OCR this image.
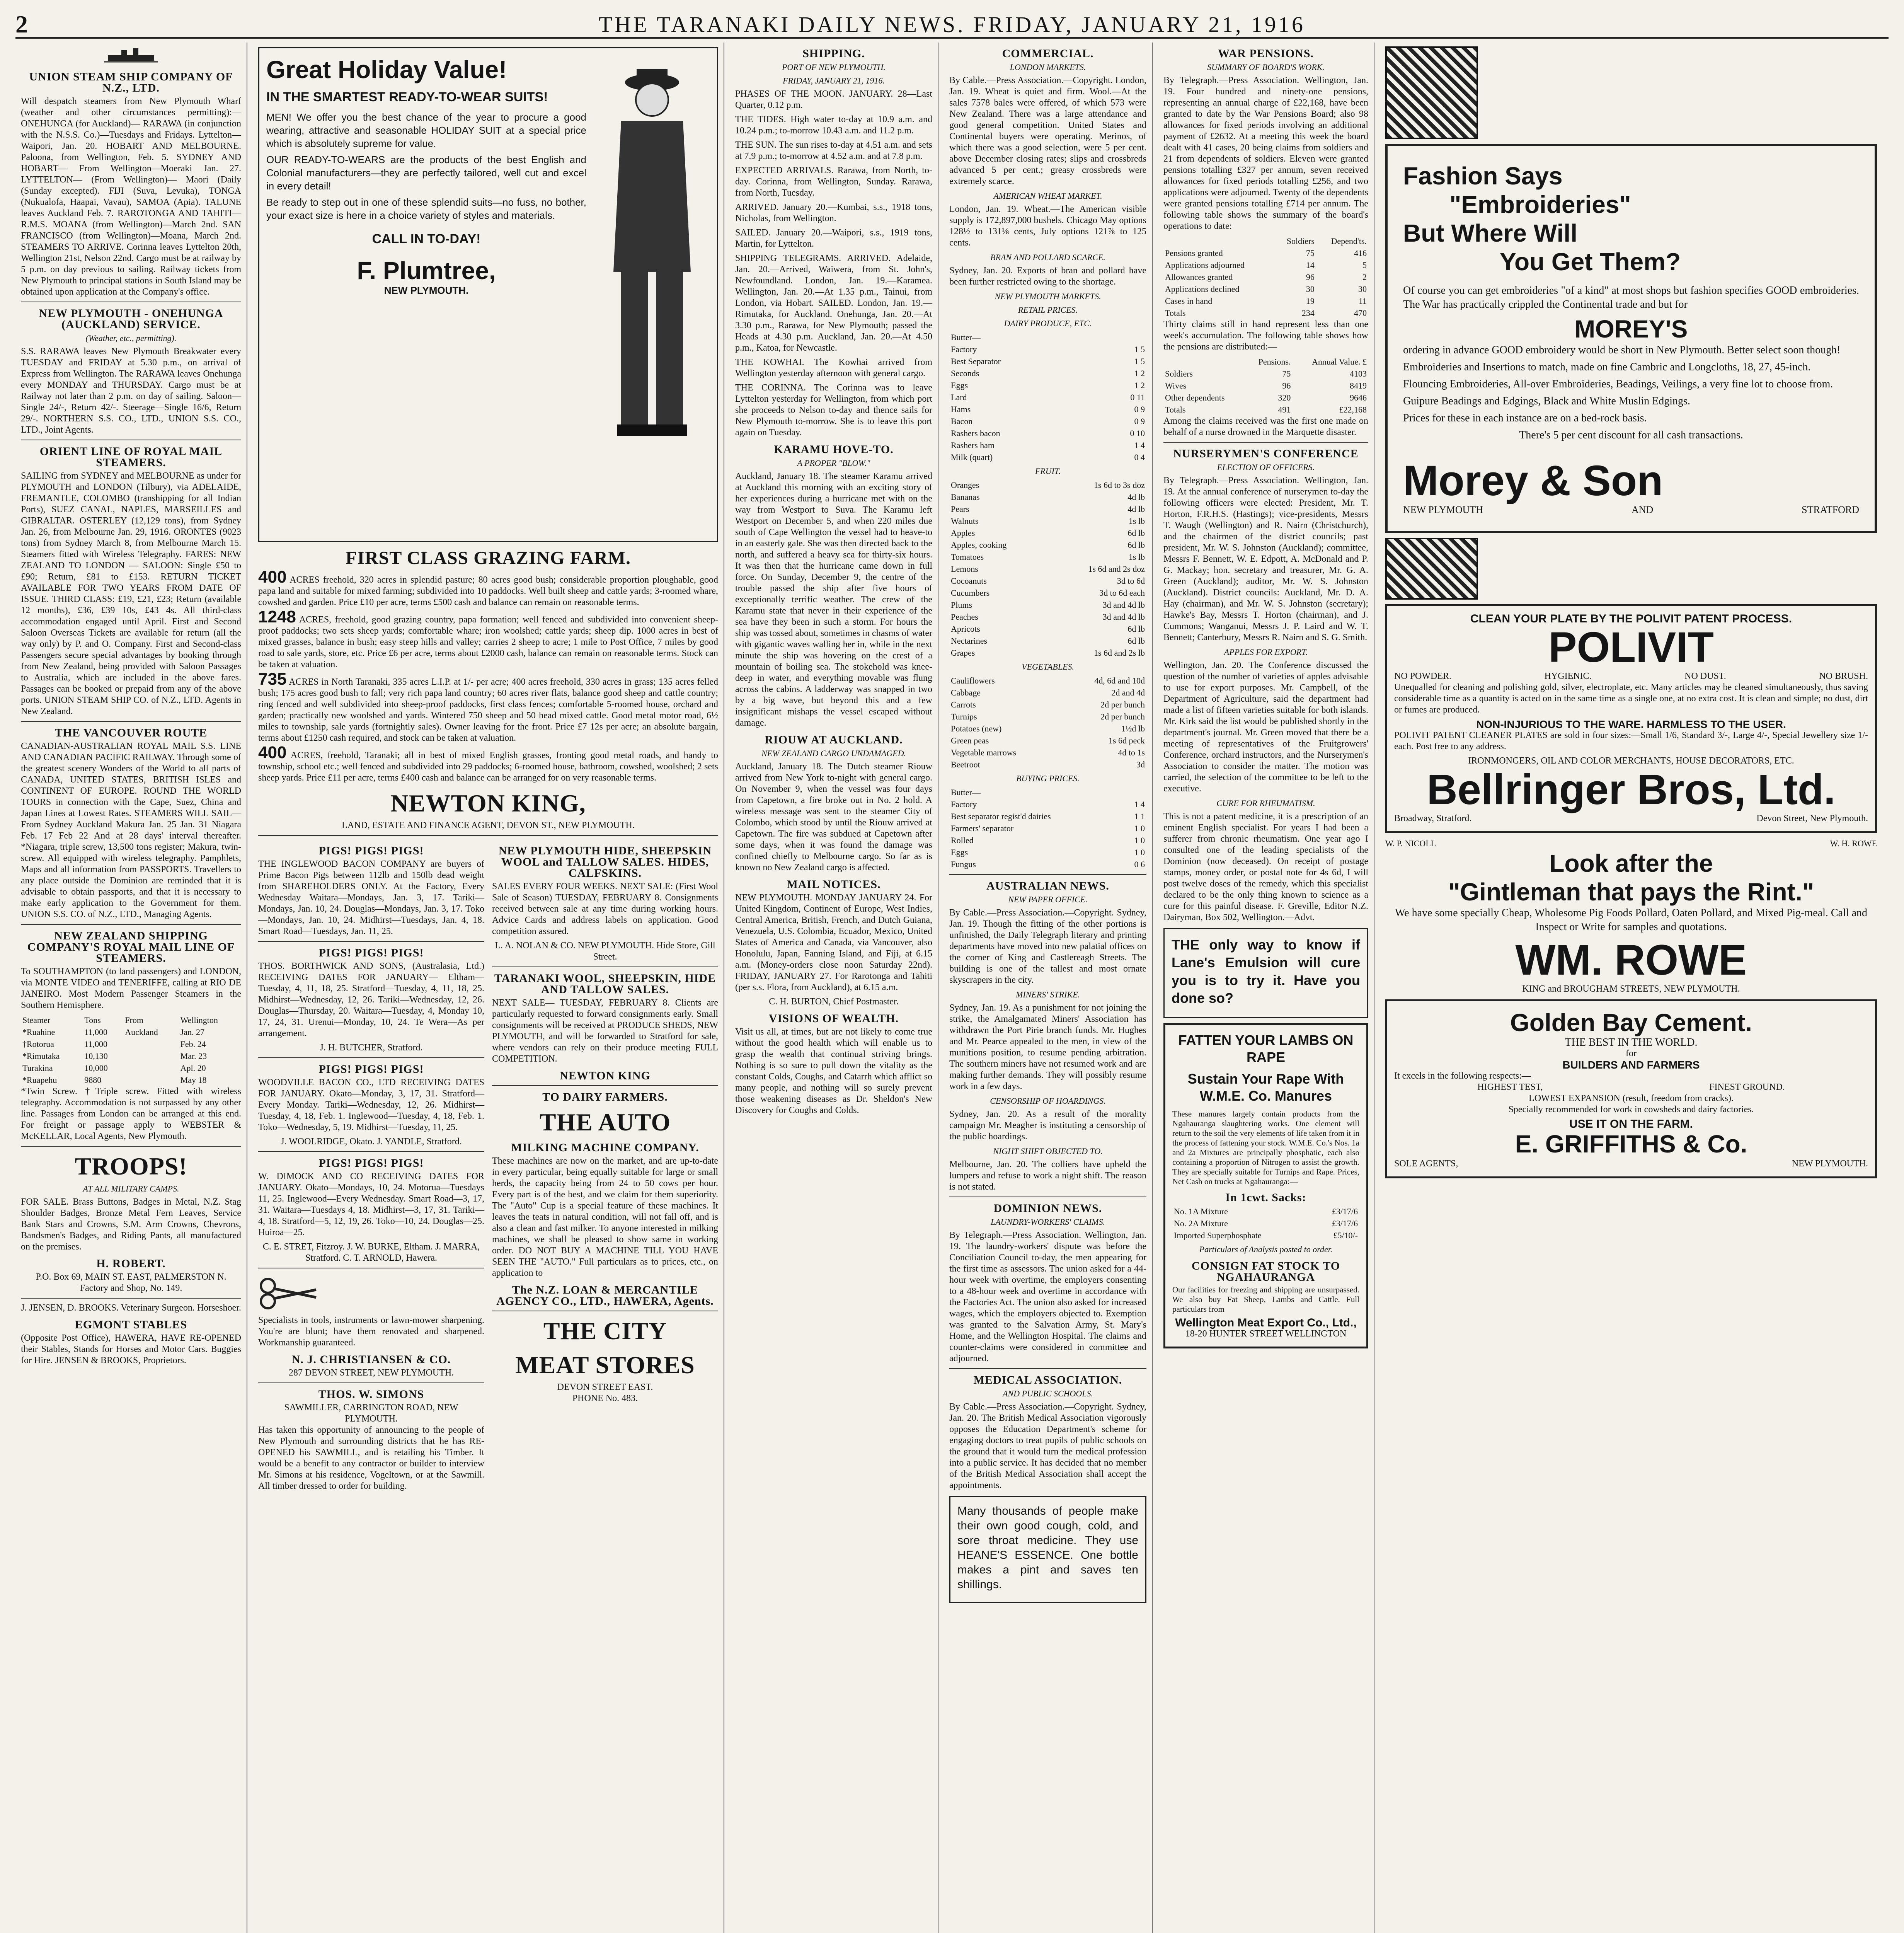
2	THE TARANAKI DAILY NEWS. FRIDAY, JANUARY 21, 1916
UNION STEAM SHIP COMPANY OF N.Z., LTD.

Will despatch steamers from New Plymouth Wharf (weather and other circumstances permitting):— ONEHUNGA (for Auckland)— RARAWA (in conjunction with the N.S.S. Co.)—Tuesdays and Fridays. Lyttelton—Waipori, Jan. 20. HOBART AND MELBOURNE. Paloona, from Wellington, Feb. 5. SYDNEY AND HOBART— From Wellington—Moeraki Jan. 27. LYTTELTON— (From Wellington)— Maori (Daily (Sunday excepted). FIJI (Suva, Levuka), TONGA (Nukualofa, Haapai, Vavau), SAMOA (Apia). TALUNE leaves Auckland Feb. 7. RAROTONGA AND TAHITI— R.M.S. MOANA (from Wellington)—March 2nd. SAN FRANCISCO (from Wellington)—Moana, March 2nd. STEAMERS TO ARRIVE. Corinna leaves Lyttelton 20th, Wellington 21st, Nelson 22nd. Cargo must be at railway by 5 p.m. on day previous to sailing. Railway tickets from New Plymouth to principal stations in South Island may be obtained upon application at the Company's office.

NEW PLYMOUTH - ONEHUNGA (AUCKLAND) SERVICE.
(Weather, etc., permitting).

S.S. RARAWA leaves New Plymouth Breakwater every TUESDAY and FRIDAY at 5.30 p.m., on arrival of Express from Wellington. The RARAWA leaves Onehunga every MONDAY and THURSDAY. Cargo must be at Railway not later than 2 p.m. on day of sailing. Saloon—Single 24/-, Return 42/-. Steerage—Single 16/6, Return 29/-. NORTHERN S.S. CO., LTD., UNION S.S. CO., LTD., Joint Agents.

ORIENT LINE OF ROYAL MAIL STEAMERS.

SAILING from SYDNEY and MELBOURNE as under for PLYMOUTH and LONDON (Tilbury), via ADELAIDE, FREMANTLE, COLOMBO (transhipping for all Indian Ports), SUEZ CANAL, NAPLES, MARSEILLES and GIBRALTAR. OSTERLEY (12,129 tons), from Sydney Jan. 26, from Melbourne Jan. 29, 1916. ORONTES (9023 tons) from Sydney March 8, from Melbourne March 15. Steamers fitted with Wireless Telegraphy. FARES: NEW ZEALAND TO LONDON — SALOON: Single £50 to £90; Return, £81 to £153. RETURN TICKET AVAILABLE FOR TWO YEARS FROM DATE OF ISSUE. THIRD CLASS: £19, £21, £23; Return (available 12 months), £36, £39 10s, £43 4s. All third-class accommodation engaged until April. First and Second Saloon Overseas Tickets are available for return (all the way only) by P. and O. Company. First and Second-class Passengers secure special advantages by booking through from New Zealand, being provided with Saloon Passages to Australia, which are included in the above fares. Passages can be booked or prepaid from any of the above ports. UNION STEAM SHIP CO. of N.Z., LTD. Agents in New Zealand.

THE VANCOUVER ROUTE

CANADIAN-AUSTRALIAN ROYAL MAIL S.S. LINE AND CANADIAN PACIFIC RAILWAY. Through some of the greatest scenery Wonders of the World to all parts of CANADA, UNITED STATES, BRITISH ISLES and CONTINENT OF EUROPE. ROUND THE WORLD TOURS in connection with the Cape, Suez, China and Japan Lines at Lowest Rates. STEAMERS WILL SAIL— From Sydney Auckland Makura Jan. 25 Jan. 31 Niagara Feb. 17 Feb 22 And at 28 days' interval thereafter. *Niagara, triple screw, 13,500 tons register; Makura, twin-screw. All equipped with wireless telegraphy. Pamphlets, Maps and all information from PASSPORTS. Travellers to any place outside the Dominion are reminded that it is advisable to obtain passports, and that it is necessary to make early application to the Government for them. UNION S.S. CO. of N.Z., LTD., Managing Agents.

NEW ZEALAND SHIPPING COMPANY'S ROYAL MAIL LINE OF STEAMERS.

To SOUTHAMPTON (to land passengers) and LONDON, via MONTE VIDEO and TENERIFFE, calling at RIO DE JANEIRO. Most Modern Passenger Steamers in the Southern Hemisphere.

Steamer	Tons	From	Wellington
*Ruahine	11,000	Auckland	Jan. 27
†Rotorua	11,000		Feb. 24
*Rimutaka	10,130		Mar. 23
Turakina	10,000		Apl. 20
*Ruapehu	9880		May 18

*Twin Screw. †Triple screw. Fitted with wireless telegraphy. Accommodation is not surpassed by any other line. Passages from London can be arranged at this end. For freight or passage apply to WEBSTER & McKELLAR, Local Agents, New Plymouth.

TROOPS!
AT ALL MILITARY CAMPS.

FOR SALE. Brass Buttons, Badges in Metal, N.Z. Stag Shoulder Badges, Bronze Metal Fern Leaves, Service Bank Stars and Crowns, S.M. Arm Crowns, Chevrons, Bandsmen's Badges, and Riding Pants, all manufactured on the premises.

H. ROBERT.
P.O. Box 69, MAIN ST. EAST, PALMERSTON N. Factory and Shop, No. 149.
J. JENSEN, D. BROOKS. Veterinary Surgeon. Horseshoer.
EGMONT STABLES

(Opposite Post Office), HAWERA, HAVE RE-OPENED their Stables, Stands for Horses and Motor Cars. Buggies for Hire. JENSEN & BROOKS, Proprietors.

Great Holiday Value!
IN THE SMARTEST READY-TO-WEAR SUITS!

MEN! We offer you the best chance of the year to procure a good wearing, attractive and seasonable HOLIDAY SUIT at a special price which is absolutely supreme for value.

OUR READY-TO-WEARS are the products of the best English and Colonial manufacturers—they are perfectly tailored, well cut and excel in every detail!

Be ready to step out in one of these splendid suits—no fuss, no bother, your exact size is here in a choice variety of styles and materials.

CALL IN TO-DAY!
F. Plumtree,
NEW PLYMOUTH.
FIRST CLASS GRAZING FARM.

400 ACRES freehold, 320 acres in splendid pasture; 80 acres good bush; considerable proportion ploughable, good papa land and suitable for mixed farming; subdivided into 10 paddocks. Well built sheep and cattle yards; 3-roomed whare, cowshed and garden. Price £10 per acre, terms £500 cash and balance can remain on reasonable terms.

1248 ACRES, freehold, good grazing country, papa formation; well fenced and subdivided into convenient sheep-proof paddocks; two sets sheep yards; comfortable whare; iron woolshed; cattle yards; sheep dip. 1000 acres in best of mixed grasses, balance in bush; easy steep hills and valley; carries 2 sheep to acre; 1 mile to Post Office, 7 miles by good road to sale yards, store, etc. Price £6 per acre, terms about £2000 cash, balance can remain on reasonable terms. Stock can be taken at valuation.

735 ACRES in North Taranaki, 335 acres L.I.P. at 1/- per acre; 400 acres freehold, 330 acres in grass; 135 acres felled bush; 175 acres good bush to fall; very rich papa land country; 60 acres river flats, balance good sheep and cattle country; ring fenced and well subdivided into sheep-proof paddocks, first class fences; comfortable 5-roomed house, orchard and garden; practically new woolshed and yards. Wintered 750 sheep and 50 head mixed cattle. Good metal motor road, 6½ miles to township, sale yards (fortnightly sales). Owner leaving for the front. Price £7 12s per acre; an absolute bargain, terms about £1250 cash required, and stock can be taken at valuation.

400 ACRES, freehold, Taranaki; all in best of mixed English grasses, fronting good metal roads, and handy to township, school etc.; well fenced and subdivided into 29 paddocks; 6-roomed house, bathroom, cowshed, woolshed; 2 sets sheep yards. Price £11 per acre, terms £400 cash and balance can be arranged for on very reasonable terms.

NEWTON KING,
LAND, ESTATE AND FINANCE AGENT, DEVON ST., NEW PLYMOUTH.
PIGS! PIGS! PIGS!

THE INGLEWOOD BACON COMPANY are buyers of Prime Bacon Pigs between 112lb and 150lb dead weight from SHAREHOLDERS ONLY. At the Factory, Every Wednesday Waitara—Mondays, Jan. 3, 17. Tariki—Mondays, Jan. 10, 24. Douglas—Mondays, Jan. 3, 17. Toko—Mondays, Jan. 10, 24. Midhirst—Tuesdays, Jan. 4, 18. Smart Road—Tuesdays, Jan. 11, 25.

PIGS! PIGS! PIGS!

THOS. BORTHWICK AND SONS, (Australasia, Ltd.) RECEIVING DATES FOR JANUARY— Eltham—Tuesday, 4, 11, 18, 25. Stratford—Tuesday, 4, 11, 18, 25. Midhirst—Wednesday, 12, 26. Tariki—Wednesday, 12, 26. Douglas—Thursday, 20. Waitara—Tuesday, 4, Monday 10, 17, 24, 31. Urenui—Monday, 10, 24. Te Wera—As per arrangement.

J. H. BUTCHER, Stratford.
PIGS! PIGS! PIGS!

WOODVILLE BACON CO., LTD RECEIVING DATES FOR JANUARY. Okato—Monday, 3, 17, 31. Stratford—Every Monday. Tariki—Wednesday, 12, 26. Midhirst—Tuesday, 4, 18, Feb. 1. Inglewood—Tuesday, 4, 18, Feb. 1. Toko—Wednesday, 5, 19. Midhirst—Tuesday, 11, 25.

J. WOOLRIDGE, Okato. J. YANDLE, Stratford.
PIGS! PIGS! PIGS!

W. DIMOCK AND CO RECEIVING DATES FOR JANUARY. Okato—Mondays, 10, 24. Motorua—Tuesdays 11, 25. Inglewood—Every Wednesday. Smart Road—3, 17, 31. Waitara—Tuesdays 4, 18. Midhirst—3, 17, 31. Tariki—4, 18. Stratford—5, 12, 19, 26. Toko—10, 24. Douglas—25. Huiroa—25.

C. E. STRET, Fitzroy. J. W. BURKE, Eltham. J. MARRA, Stratford. C. T. ARNOLD, Hawera.

Specialists in tools, instruments or lawn-mower sharpening. You're are blunt; have them renovated and sharpened. Workmanship guaranteed.

N. J. CHRISTIANSEN & CO.
287 DEVON STREET, NEW PLYMOUTH.
THOS. W. SIMONS
SAWMILLER, CARRINGTON ROAD, NEW PLYMOUTH.

Has taken this opportunity of announcing to the people of New Plymouth and surrounding districts that he has RE-OPENED his SAWMILL, and is retailing his Timber. It would be a benefit to any contractor or builder to interview Mr. Simons at his residence, Vogeltown, or at the Sawmill. All timber dressed to order for building.

NEW PLYMOUTH HIDE, SHEEPSKIN WOOL and TALLOW SALES. HIDES, CALFSKINS.

SALES EVERY FOUR WEEKS. NEXT SALE: (First Wool Sale of Season) TUESDAY, FEBRUARY 8. Consignments received between sale at any time during working hours. Advice Cards and address labels on application. Good competition assured.

L. A. NOLAN & CO. NEW PLYMOUTH. Hide Store, Gill Street.
TARANAKI WOOL, SHEEPSKIN, HIDE AND TALLOW SALES.

NEXT SALE— TUESDAY, FEBRUARY 8. Clients are particularly requested to forward consignments early. Small consignments will be received at PRODUCE SHEDS, NEW PLYMOUTH, and will be forwarded to Stratford for sale, where vendors can rely on their produce meeting FULL COMPETITION.

NEWTON KING
TO DAIRY FARMERS.
THE AUTO
MILKING MACHINE COMPANY.

These machines are now on the market, and are up-to-date in every particular, being equally suitable for large or small herds, the capacity being from 24 to 50 cows per hour. Every part is of the best, and we claim for them superiority. The "Auto" Cup is a special feature of these machines. It leaves the teats in natural condition, will not fall off, and is also a clean and fast milker. To anyone interested in milking machines, we shall be pleased to show same in working order. DO NOT BUY A MACHINE TILL YOU HAVE SEEN THE "AUTO." Full particulars as to prices, etc., on application to

The N.Z. LOAN & MERCANTILE AGENCY CO., LTD., HAWERA, Agents.
THE CITY
MEAT STORES
DEVON STREET EAST.
PHONE No. 483.
SHIPPING.
PORT OF NEW PLYMOUTH.
FRIDAY, JANUARY 21, 1916.

PHASES OF THE MOON. JANUARY. 28—Last Quarter, 0.12 p.m.

THE TIDES. High water to-day at 10.9 a.m. and 10.24 p.m.; to-morrow 10.43 a.m. and 11.2 p.m.

THE SUN. The sun rises to-day at 4.51 a.m. and sets at 7.9 p.m.; to-morrow at 4.52 a.m. and at 7.8 p.m.

EXPECTED ARRIVALS. Rarawa, from North, to-day. Corinna, from Wellington, Sunday. Rarawa, from North, Tuesday.

ARRIVED. January 20.—Kumbai, s.s., 1918 tons, Nicholas, from Wellington.

SAILED. January 20.—Waipori, s.s., 1919 tons, Martin, for Lyttelton.

SHIPPING TELEGRAMS. ARRIVED. Adelaide, Jan. 20.—Arrived, Waiwera, from St. John's, Newfoundland. London, Jan. 19.—Karamea. Wellington, Jan. 20.—At 1.35 p.m., Tainui, from London, via Hobart. SAILED. London, Jan. 19.—Rimutaka, for Auckland. Onehunga, Jan. 20.—At 3.30 p.m., Rarawa, for New Plymouth; passed the Heads at 4.30 p.m. Auckland, Jan. 20.—At 4.50 p.m., Katoa, for Newcastle.

THE KOWHAI. The Kowhai arrived from Wellington yesterday afternoon with general cargo.

THE CORINNA. The Corinna was to leave Lyttelton yesterday for Wellington, from which port she proceeds to Nelson to-day and thence sails for New Plymouth to-morrow. She is to leave this port again on Tuesday.

KARAMU HOVE-TO.
A PROPER "BLOW."

Auckland, January 18. The steamer Karamu arrived at Auckland this morning with an exciting story of her experiences during a hurricane met with on the way from Westport to Suva. The Karamu left Westport on December 5, and when 220 miles due south of Cape Wellington the vessel had to heave-to in an easterly gale. She was then directed back to the north, and suffered a heavy sea for thirty-six hours. It was then that the hurricane came down in full force. On Sunday, December 9, the centre of the trouble passed the ship after five hours of exceptionally terrific weather. The crew of the Karamu state that never in their experience of the sea have they been in such a storm. For hours the ship was tossed about, sometimes in chasms of water with gigantic waves walling her in, while in the next minute the ship was hovering on the crest of a mountain of boiling sea. The stokehold was knee-deep in water, and everything movable was flung across the cabins. A ladderway was snapped in two by a big wave, but beyond this and a few insignificant mishaps the vessel escaped without damage.

RIOUW AT AUCKLAND.
NEW ZEALAND CARGO UNDAMAGED.

Auckland, January 18. The Dutch steamer Riouw arrived from New York to-night with general cargo. On November 9, when the vessel was four days from Capetown, a fire broke out in No. 2 hold. A wireless message was sent to the steamer City of Colombo, which stood by until the Riouw arrived at Capetown. The fire was subdued at Capetown after some days, when it was found the damage was confined chiefly to Melbourne cargo. So far as is known no New Zealand cargo is affected.

MAIL NOTICES.

NEW PLYMOUTH. MONDAY JANUARY 24. For United Kingdom, Continent of Europe, West Indies, Central America, British, French, and Dutch Guiana, Venezuela, U.S. Colombia, Ecuador, Mexico, United States of America and Canada, via Vancouver, also Honolulu, Japan, Fanning Island, and Fiji, at 6.15 a.m. (Money-orders close noon Saturday 22nd). FRIDAY, JANUARY 27. For Rarotonga and Tahiti (per s.s. Flora, from Auckland), at 6.15 a.m.

C. H. BURTON, Chief Postmaster.
VISIONS OF WEALTH.

Visit us all, at times, but are not likely to come true without the good health which will enable us to grasp the wealth that continual striving brings. Nothing is so sure to pull down the vitality as the constant Colds, Coughs, and Catarrh which afflict so many people, and nothing will so surely prevent those weakening diseases as Dr. Sheldon's New Discovery for Coughs and Colds.

COMMERCIAL.
LONDON MARKETS.

By Cable.—Press Association.—Copyright. London, Jan. 19. Wheat is quiet and firm. Wool.—At the sales 7578 bales were offered, of which 573 were New Zealand. There was a large attendance and good general competition. United States and Continental buyers were operating. Merinos, of which there was a good selection, were 5 per cent. above December closing rates; slips and crossbreds advanced 5 per cent.; greasy crossbreds were extremely scarce.

AMERICAN WHEAT MARKET.

London, Jan. 19. Wheat.—The American visible supply is 172,897,000 bushels. Chicago May options 128½ to 131⅛ cents, July options 121⅞ to 125 cents.

BRAN AND POLLARD SCARCE.

Sydney, Jan. 20. Exports of bran and pollard have been further restricted owing to the shortage.

NEW PLYMOUTH MARKETS.
RETAIL PRICES.
DAIRY PRODUCE, ETC.
Butter—	
Factory	1 5
Best Separator	1 5
Seconds	1 2
Eggs	1 2
Lard	0 11
Hams	0 9
Bacon	0 9
Rashers bacon	0 10
Rashers ham	1 4
Milk (quart)	0 4
FRUIT.
Oranges	1s 6d to 3s doz
Bananas	4d lb
Pears	4d lb
Walnuts	1s lb
Apples	6d lb
Apples, cooking	6d lb
Tomatoes	1s lb
Lemons	1s 6d and 2s doz
Cocoanuts	3d to 6d
Cucumbers	3d to 6d each
Plums	3d and 4d lb
Peaches	3d and 4d lb
Apricots	6d lb
Nectarines	6d lb
Grapes	1s 6d and 2s lb
VEGETABLES.
Cauliflowers	4d, 6d and 10d
Cabbage	2d and 4d
Carrots	2d per bunch
Turnips	2d per bunch
Potatoes (new)	1½d lb
Green peas	1s 6d peck
Vegetable marrows	4d to 1s
Beetroot	3d
BUYING PRICES.
Butter—	
Factory	1 4
Best separator regist'd dairies	1 1
Farmers' separator	1 0
Rolled	1 0
Eggs	1 0
Fungus	0 6
AUSTRALIAN NEWS.
NEW PAPER OFFICE.

By Cable.—Press Association.—Copyright. Sydney, Jan. 19. Though the fitting of the other portions is unfinished, the Daily Telegraph literary and printing departments have moved into new palatial offices on the corner of King and Castlereagh Streets. The building is one of the tallest and most ornate skyscrapers in the city.

MINERS' STRIKE.

Sydney, Jan. 19. As a punishment for not joining the strike, the Amalgamated Miners' Association has withdrawn the Port Pirie branch funds. Mr. Hughes and Mr. Pearce appealed to the men, in view of the munitions position, to resume pending arbitration. The southern miners have not resumed work and are making further demands. They will possibly resume work in a few days.

CENSORSHIP OF HOARDINGS.

Sydney, Jan. 20. As a result of the morality campaign Mr. Meagher is instituting a censorship of the public hoardings.

NIGHT SHIFT OBJECTED TO.

Melbourne, Jan. 20. The colliers have upheld the lumpers and refuse to work a night shift. The reason is not stated.

DOMINION NEWS.
LAUNDRY-WORKERS' CLAIMS.

By Telegraph.—Press Association. Wellington, Jan. 19. The laundry-workers' dispute was before the Conciliation Council to-day, the men appearing for the first time as assessors. The union asked for a 44-hour week with overtime, the employers consenting to a 48-hour week and overtime in accordance with the Factories Act. The union also asked for increased wages, which the employers objected to. Exemption was granted to the Salvation Army, St. Mary's Home, and the Wellington Hospital. The claims and counter-claims were considered in committee and adjourned.

MEDICAL ASSOCIATION.
AND PUBLIC SCHOOLS.

By Cable.—Press Association.—Copyright. Sydney, Jan. 20. The British Medical Association vigorously opposes the Education Department's scheme for engaging doctors to treat pupils of public schools on the ground that it would turn the medical profession into a public service. It has decided that no member of the British Medical Association shall accept the appointments.

Many thousands of people make their own good cough, cold, and sore throat medicine. They use HEANE'S ESSENCE. One bottle makes a pint and saves ten shillings.

WAR PENSIONS.
SUMMARY OF BOARD'S WORK.

By Telegraph.—Press Association. Wellington, Jan. 19. Four hundred and ninety-one pensions, representing an annual charge of £22,168, have been granted to date by the War Pensions Board; also 98 allowances for fixed periods involving an additional payment of £2632. At a meeting this week the board dealt with 41 cases, 20 being claims from soldiers and 21 from dependents of soldiers. Eleven were granted pensions totalling £327 per annum, seven received allowances for fixed periods totalling £256, and two applications were adjourned. Twenty of the dependents were granted pensions totalling £714 per annum. The following table shows the summary of the board's operations to date:

	Soldiers	Depend'ts.
Pensions granted	75	416
Applications adjourned	14	5
Allowances granted	96	2
Applications declined	30	30
Cases in hand	19	11
Totals	234	470

Thirty claims still in hand represent less than one week's accumulation. The following table shows how the pensions are distributed:—

	Pensions.	Annual Value. £
Soldiers	75	4103
Wives	96	8419
Other dependents	320	9646
Totals	491	£22,168

Among the claims received was the first one made on behalf of a nurse drowned in the Marquette disaster.

NURSERYMEN'S CONFERENCE
ELECTION OF OFFICERS.

By Telegraph.—Press Association. Wellington, Jan. 19. At the annual conference of nurserymen to-day the following officers were elected: President, Mr. T. Horton, F.R.H.S. (Hastings); vice-presidents, Messrs T. Waugh (Wellington) and R. Nairn (Christchurch), and the chairmen of the district councils; past president, Mr. W. S. Johnston (Auckland); committee, Messrs F. Bennett, W. E. Edpott, A. McDonald and P. G. Mackay; hon. secretary and treasurer, Mr. G. A. Green (Auckland); auditor, Mr. W. S. Johnston (Auckland). District councils: Auckland, Mr. D. A. Hay (chairman), and Mr. W. S. Johnston (secretary); Hawke's Bay, Messrs T. Horton (chairman), and J. Cummons; Wanganui, Messrs J. P. Laird and W. T. Bennett; Canterbury, Messrs R. Nairn and S. G. Smith.

APPLES FOR EXPORT.

Wellington, Jan. 20. The Conference discussed the question of the number of varieties of apples advisable to use for export purposes. Mr. Campbell, of the Department of Agriculture, said the department had made a list of fifteen varieties suitable for both islands. Mr. Kirk said the list would be published shortly in the department's journal. Mr. Green moved that there be a meeting of representatives of the Fruitgrowers' Conference, orchard instructors, and the Nurserymen's Association to consider the matter. The motion was carried, the selection of the committee to be left to the executive.

CURE FOR RHEUMATISM.

This is not a patent medicine, it is a prescription of an eminent English specialist. For years I had been a sufferer from chronic rheumatism. One year ago I consulted one of the leading specialists of the Dominion (now deceased). On receipt of postage stamps, money order, or postal note for 4s 6d, I will post twelve doses of the remedy, which this specialist declared to be the only thing known to science as a cure for this painful disease. F. Greville, Editor N.Z. Dairyman, Box 502, Wellington.—Advt.

THE only way to know if Lane's Emulsion will cure you is to try it. Have you done so?

FATTEN YOUR LAMBS ON RAPE
Sustain Your Rape With W.M.E. Co. Manures

These manures largely contain products from the Ngahauranga slaughtering works. One element will return to the soil the very elements of life taken from it in the process of fattening your stock. W.M.E. Co.'s Nos. 1a and 2a Mixtures are principally phosphatic, each also containing a proportion of Nitrogen to assist the growth. They are specially suitable for Turnips and Rape. Prices, Net Cash on trucks at Ngahauranga:—

In 1cwt. Sacks:
No. 1A Mixture	£3/17/6
No. 2A Mixture	£3/17/6
Imported Superphosphate	£5/10/-
Particulars of Analysis posted to order.
CONSIGN FAT STOCK TO NGAHAURANGA

Our facilities for freezing and shipping are unsurpassed. We also buy Fat Sheep, Lambs and Cattle. Full particulars from

Wellington Meat Export Co., Ltd.,
18-20 HUNTER STREET WELLINGTON
Fashion Says
"Embroideries"
But Where Will
You Get Them?

Of course you can get embroideries "of a kind" at most shops but fashion specifies GOOD embroideries. The War has practically crippled the Continental trade and but for

MOREY'S

ordering in advance GOOD embroidery would be short in New Plymouth. Better select soon though!

Embroideries and Insertions to match, made on fine Cambric and Longcloths, 18, 27, 45-inch.

Flouncing Embroideries, All-over Embroideries, Beadings, Veilings, a very fine lot to choose from.

Guipure Beadings and Edgings, Black and White Muslin Edgings.

Prices for these in each instance are on a bed-rock basis.

There's 5 per cent discount for all cash transactions.

Morey & Son
NEW PLYMOUTH	AND	STRATFORD
CLEAN YOUR PLATE BY THE POLIVIT PATENT PROCESS.
POLIVIT
NO POWDER.	HYGIENIC.	NO DUST.	NO BRUSH.

Unequalled for cleaning and polishing gold, silver, electroplate, etc. Many articles may be cleaned simultaneously, thus saving considerable time as a quantity is acted on in the same time as a single one, at no extra cost. It is clean and simple; no dust, dirt or fumes are produced.

NON-INJURIOUS TO THE WARE. HARMLESS TO THE USER.

POLIVIT PATENT CLEANER PLATES are sold in four sizes:—Small 1/6, Standard 3/-, Large 4/-, Special Jewellery size 1/- each. Post free to any address.

IRONMONGERS, OIL AND COLOR MERCHANTS, HOUSE DECORATORS, ETC.
Bellringer Bros, Ltd.
Broadway, Stratford.	Devon Street, New Plymouth.
W. P. NICOLL	W. H. ROWE
Look after the
"Gintleman that pays the Rint."

We have some specially Cheap, Wholesome Pig Foods Pollard, Oaten Pollard, and Mixed Pig-meal. Call and Inspect or Write for samples and quotations.

WM. ROWE
KING and BROUGHAM STREETS, NEW PLYMOUTH.
Golden Bay Cement.
THE BEST IN THE WORLD.
for
BUILDERS AND FARMERS
It excels in the following respects:—
HIGHEST TEST,	FINEST GROUND.
LOWEST EXPANSION (result, freedom from cracks).

Specially recommended for work in cowsheds and dairy factories.

USE IT ON THE FARM.
E. GRIFFITHS & Co.
SOLE AGENTS,	NEW PLYMOUTH.
